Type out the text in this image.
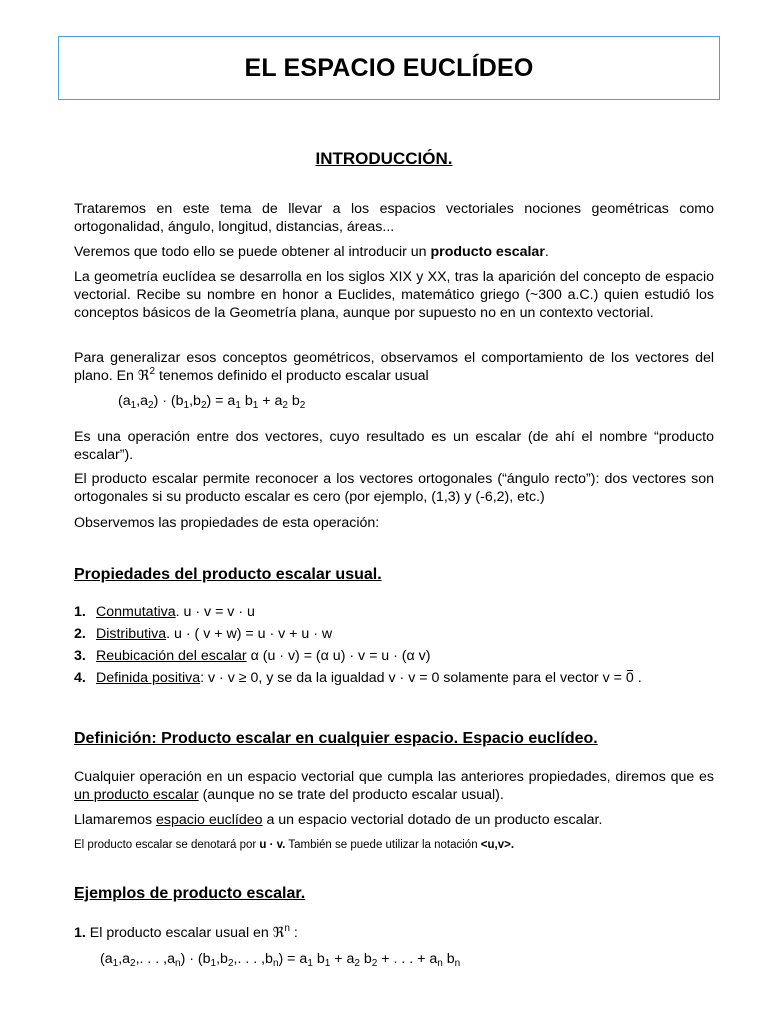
EL ESPACIO EUCLÍDEO
INTRODUCCIÓN.

Trataremos en este tema de llevar a los espacios vectoriales nociones geométricas como ortogonalidad, ángulo, longitud, distancias, áreas...

Veremos que todo ello se puede obtener al introducir un producto escalar.

La geometría euclídea se desarrolla en los siglos XIX y XX, tras la aparición del concepto de espacio vectorial. Recibe su nombre en honor a Euclides, matemático griego (~300 a.C.) quien estudió los conceptos básicos de la Geometría plana, aunque por supuesto no en un contexto vectorial.

Para generalizar esos conceptos geométricos, observamos el comportamiento de los vectores del plano. En ℜ$^2$ tenemos definido el producto escalar usual

$(a_1,a_2) \cdot (b_1,b_2) = a_1$ $b_1 + a_2$ $b_2$

Es una operación entre dos vectores, cuyo resultado es un escalar (de ahí el nombre “producto escalar”).

El producto escalar permite reconocer a los vectores ortogonales (“ángulo recto”): dos vectores son ortogonales si su producto escalar es cero (por ejemplo, (1,3) y (-6,2), etc.)

Observemos las propiedades de esta operación:

Propiedades del producto escalar usual.
1. Conmutativa. u · v = v · u
2. Distributiva. u · ( v + w) = u · v + u · w
3. Reubicación del escalar α (u · v) = (α u) · v = u · (α v)
4. Definida positiva: v · v ≥ 0, y se da la igualdad v · v = 0 solamente para el vector v = 0 .
Definición: Producto escalar en cualquier espacio. Espacio euclídeo.

Cualquier operación en un espacio vectorial que cumpla las anteriores propiedades, diremos que es un producto escalar (aunque no se trate del producto escalar usual).

Llamaremos espacio euclídeo a un espacio vectorial dotado de un producto escalar.

El producto escalar se denotará por u · v. También se puede utilizar la notación <u,v>.

Ejemplos de producto escalar.
1. El producto escalar usual en ℜ$^n$ :
($a_1,a_2$,. . . $,a_n) \cdot (b_1,b_2$,. . . $,b_n) = a_1$ $b_1 + a_2$ $b_2$ + . . . + $a_n$ $b_n$
